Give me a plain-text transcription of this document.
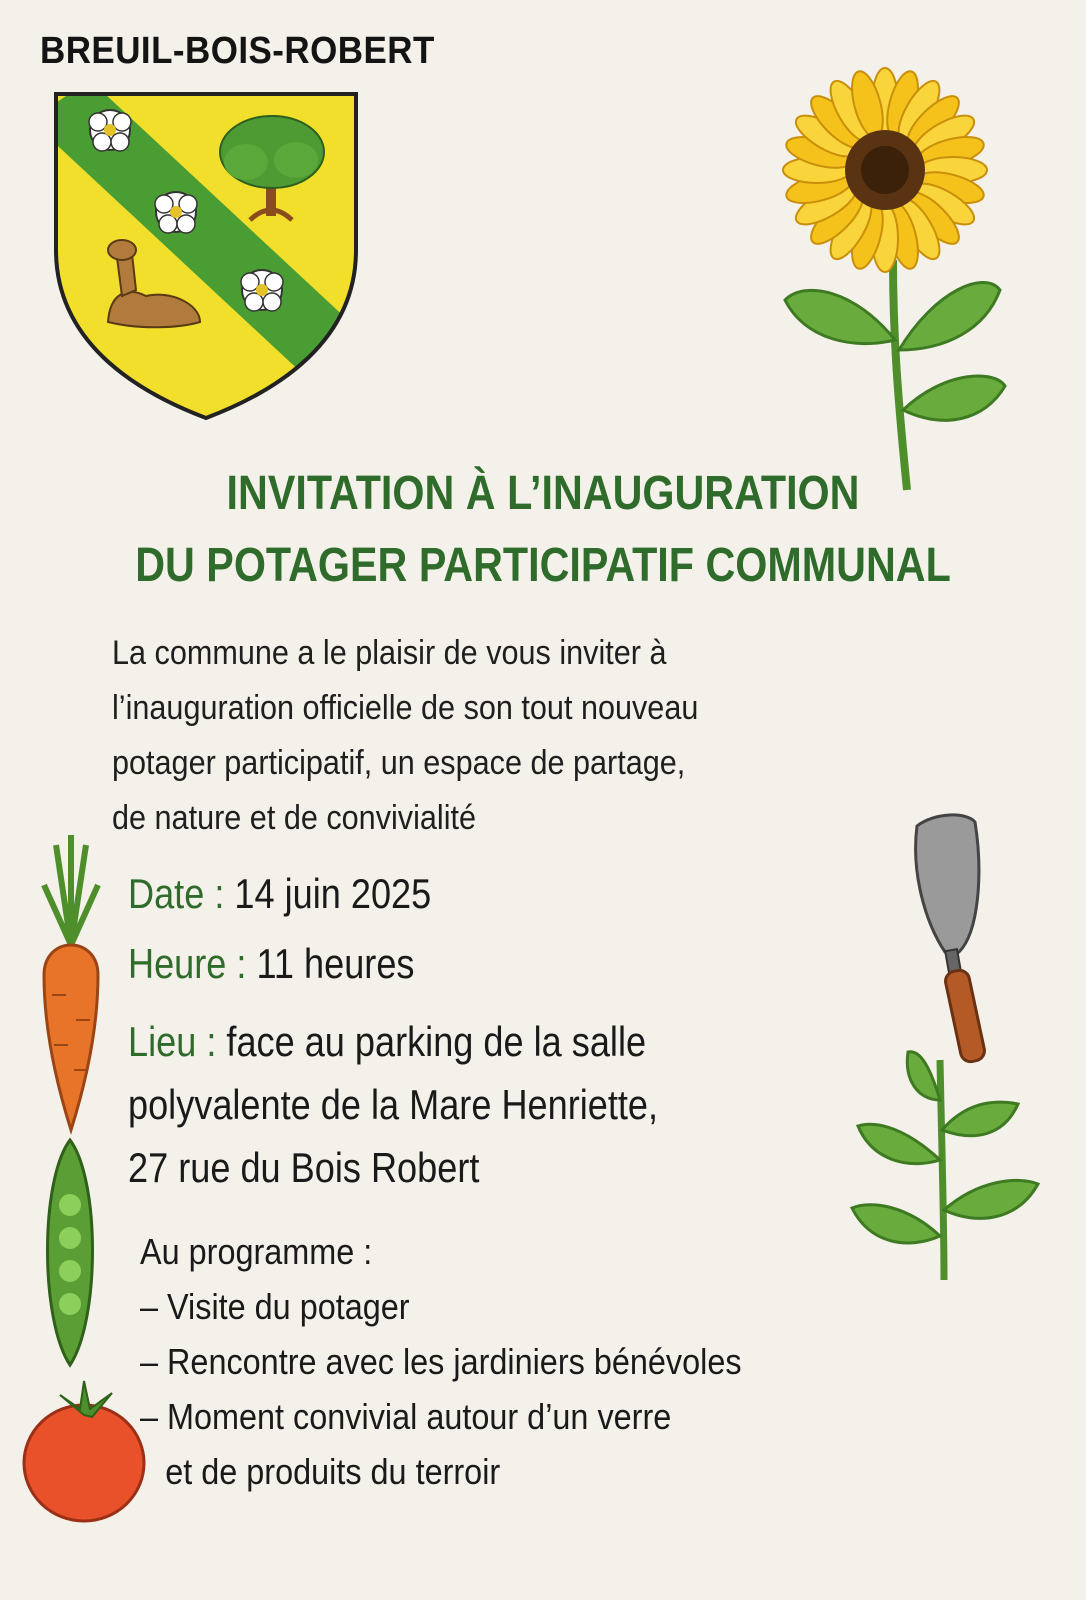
BREUIL-BOIS-ROBERT
INVITATION À L’INAUGURATION
DU POTAGER PARTICIPATIF COMMUNAL
La commune a le plaisir de vous inviter à
l’inauguration officielle de son tout nouveau
potager participatif, un espace de partage,
de nature et de convivialité
Date : 14 juin 2025
Heure : 11 heures
Lieu : face au parking de la salle
polyvalente de la Mare Henriette,
27 rue du Bois Robert
Au programme :
– Visite du potager
– Rencontre avec les jardiniers bénévoles
– Moment convivial autour d’un verre
et de produits du terroir
